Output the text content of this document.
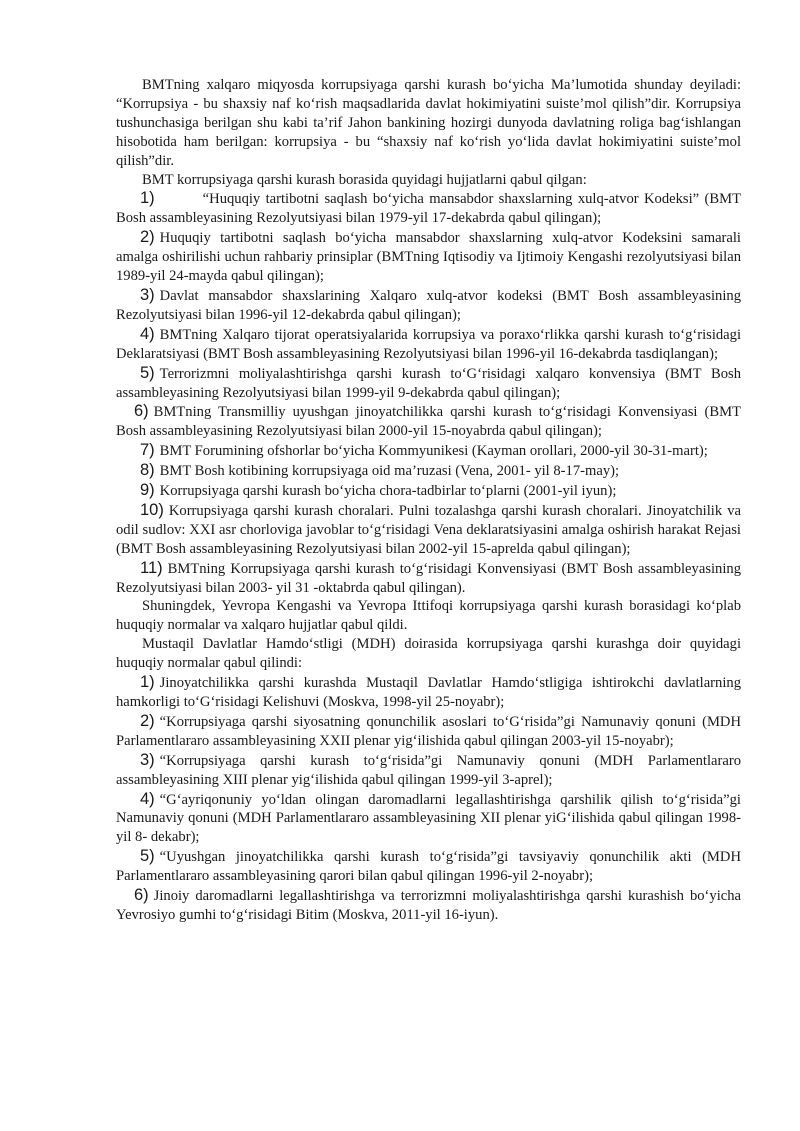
BMTning xalqaro miqyosda korrupsiyaga qarshi kurash bo‘yicha Ma’lumotida shunday deyiladi: “Korrupsiya - bu shaxsiy naf ko‘rish maqsadlarida davlat hokimiyatini suiste’mol qilish”dir. Korrupsiya tushunchasiga berilgan shu kabi ta’rif Jahon bankining hozirgi dunyoda davlatning roliga bag‘ishlangan hisobotida ham berilgan: korrupsiya - bu “shaxsiy naf ko‘rish yo‘lida davlat hokimiyatini suiste’mol qilish”dir.

BMT korrupsiyaga qarshi kurash borasida quyidagi hujjatlarni qabul qilgan:

1)	“Huquqiy tartibotni saqlash bo‘yicha mansabdor shaxslarning xulq-atvor Kodeksi” (BMT Bosh assambleyasining Rezolyutsiyasi bilan 1979-yil 17-dekabrda qabul qilingan);

2) Huquqiy tartibotni saqlash bo‘yicha mansabdor shaxslarning xulq-atvor Kodeksini samarali amalga oshirilishi uchun rahbariy prinsiplar (BMTning Iqtisodiy va Ijtimoiy Kengashi rezolyutsiyasi bilan 1989-yil 24-mayda qabul qilingan);

3) Davlat mansabdor shaxslarining Xalqaro xulq-atvor kodeksi (BMT Bosh assambleyasining Rezolyutsiyasi bilan 1996-yil 12-dekabrda qabul qilingan);

4) BMTning Xalqaro tijorat operatsiyalarida korrupsiya va poraxo‘rlikka qarshi kurash to‘g‘risidagi Deklaratsiyasi (BMT Bosh assambleyasining Rezolyutsiyasi bilan 1996-yil 16-dekabrda tasdiqlangan);

5) Terrorizmni moliyalashtirishga qarshi kurash to‘G‘risidagi xalqaro konvensiya (BMT Bosh assambleyasining Rezolyutsiyasi bilan 1999-yil 9-dekabrda qabul qilingan);

6) BMTning Transmilliy uyushgan jinoyatchilikka qarshi kurash to‘g‘risidagi Konvensiyasi (BMT Bosh assambleyasining Rezolyutsiyasi bilan 2000-yil 15-noyabrda qabul qilingan);

7) BMT Forumining ofshorlar bo‘yicha Kommyunikesi (Kayman orollari, 2000-yil 30-31-mart);

8) BMT Bosh kotibining korrupsiyaga oid ma’ruzasi (Vena, 2001- yil 8-17-may);

9) Korrupsiyaga qarshi kurash bo‘yicha chora-tadbirlar to‘plarni (2001-yil iyun);

10) Korrupsiyaga qarshi kurash choralari. Pulni tozalashga qarshi kurash choralari. Jinoyatchilik va odil sudlov: XXI asr chorloviga javoblar to‘g‘risidagi Vena deklaratsiyasini amalga oshirish harakat Rejasi (BMT Bosh assambleyasining Rezolyutsiyasi bilan 2002-yil 15-aprelda qabul qilingan);

11) BMTning Korrupsiyaga qarshi kurash to‘g‘risidagi Konvensiyasi (BMT Bosh assambleyasining Rezolyutsiyasi bilan 2003- yil 31 -oktabrda qabul qilingan).

Shuningdek, Yevropa Kengashi va Yevropa Ittifoqi korrupsiyaga qarshi kurash borasidagi ko‘plab huquqiy normalar va xalqaro hujjatlar qabul qildi.

Mustaqil Davlatlar Hamdo‘stligi (MDH) doirasida korrupsiyaga qarshi kurashga doir quyidagi huquqiy normalar qabul qilindi:

1) Jinoyatchilikka qarshi kurashda Mustaqil Davlatlar Hamdo‘stligiga ishtirokchi davlatlarning hamkorligi to‘G‘risidagi Kelishuvi (Moskva, 1998-yil 25-noyabr);

2) “Korrupsiyaga qarshi siyosatning qonunchilik asoslari to‘G‘risida”gi Namunaviy qonuni (MDH Parlamentlararo assambleyasining XXII plenar yig‘ilishida qabul qilingan 2003-yil 15-noyabr);

3) “Korrupsiyaga qarshi kurash to‘g‘risida”gi Namunaviy qonuni (MDH Parlamentlararo assambleyasining XIII plenar yig‘ilishida qabul qilingan 1999-yil 3-aprel);

4) “G‘ayriqonuniy yo‘ldan olingan daromadlarni legallashtirishga qarshilik qilish to‘g‘risida”gi Namunaviy qonuni (MDH Parlamentlararo assambleyasining XII plenar yiG‘ilishida qabul qilingan 1998-yil 8- dekabr);

5) “Uyushgan jinoyatchilikka qarshi kurash to‘g‘risida”gi tavsiyaviy qonunchilik akti (MDH Parlamentlararo assambleyasining qarori bilan qabul qilingan 1996-yil 2-noyabr);

6) Jinoiy daromadlarni legallashtirishga va terrorizmni moliyalashtirishga qarshi kurashish bo‘yicha Yevrosiyo gumhi to‘g‘risidagi Bitim (Moskva, 2011-yil 16-iyun).
